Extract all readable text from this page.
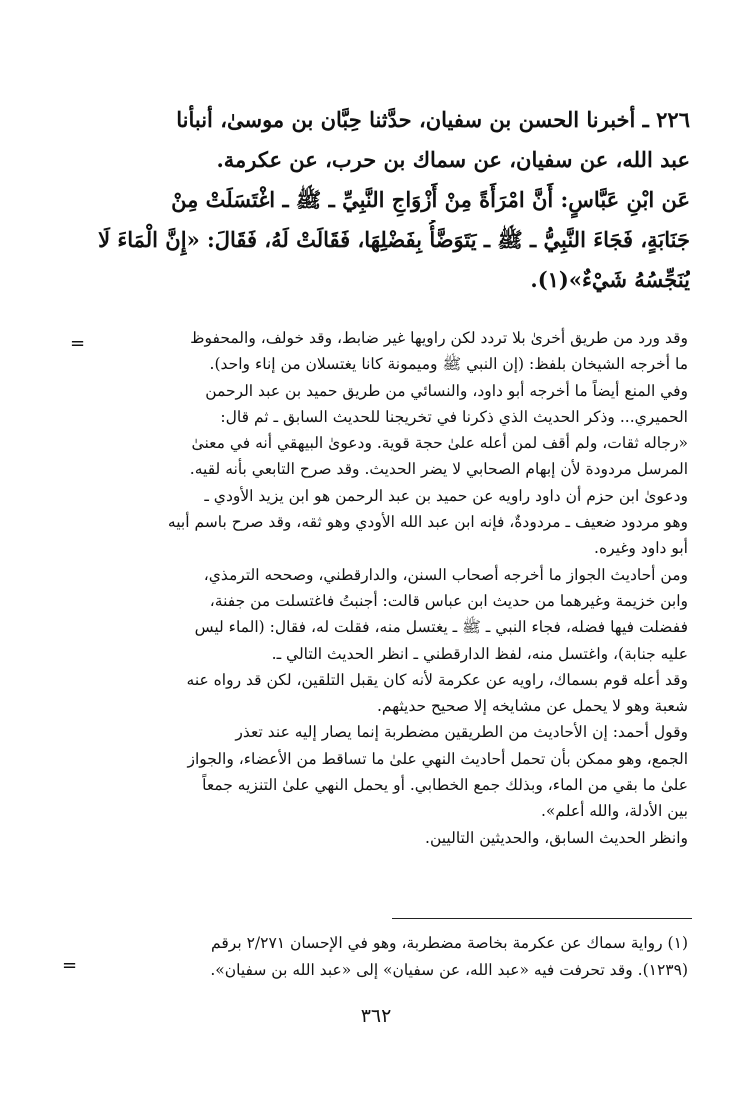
٢٢٦ ـ أخبرنا الحسن بن سفيان، حدَّثنا حِبَّان بن موسىٰ، أنبأنا
عبد الله، عن سفيان، عن سماك بن حرب، عن عكرمة.
عَن ابْنِ عَبَّاسٍ: أَنَّ امْرَأَةً مِنْ أَزْوَاجِ النَّبِيِّ ـ ﷺ ـ اغْتَسَلَتْ مِنْ
جَنَابَةٍ، فَجَاءَ النَّبِيُّ ـ ﷺ ـ يَتَوَضَّأُ بِفَضْلِهَا، فَقَالَتْ لَهُ، فَقَالَ: «إِنَّ الْمَاءَ لَا
يُنَجِّسُهُ شَيْءٌ»(١).
=	وقد ورد من طريق أخرىٰ بلا تردد لكن راويها غير ضابط، وقد خولف، والمحفوظ
ما أخرجه الشيخان بلفظ: (إن النبي ﷺ وميمونة كانا يغتسلان من إناء واحد).
وفي المنع أيضاً ما أخرجه أبو داود، والنسائي من طريق حميد بن عبد الرحمن
الحميري... وذكر الحديث الذي ذكرنا في تخريجنا للحديث السابق ـ ثم قال:
«رجاله ثقات، ولم أقف لمن أعله علىٰ حجة قوية. ودعوىٰ البيهقي أنه في معنىٰ
المرسل مردودة لأن إبهام الصحابي لا يضر الحديث. وقد صرح التابعي بأنه لقيه.
ودعوىٰ ابن حزم أن داود راويه عن حميد بن عبد الرحمن هو ابن يزيد الأودي ـ
وهو مردود ضعيف ـ مردودةٌ، فإنه ابن عبد الله الأودي وهو ثقه، وقد صرح باسم أبيه
أبو داود وغيره.
ومن أحاديث الجواز ما أخرجه أصحاب السنن، والدارقطني، وصححه الترمذي،
وابن خزيمة وغيرهما من حديث ابن عباس قالت: أجنبتُ فاغتسلت من جفنة،
ففضلت فيها فضله، فجاء النبي ـ ﷺ ـ يغتسل منه، فقلت له، فقال: (الماء ليس
عليه جنابة)، واغتسل منه، لفظ الدارقطني ـ انظر الحديث التالي ـ.
وقد أعله قوم بسماك، راويه عن عكرمة لأنه كان يقبل التلقين، لكن قد رواه عنه
شعبة وهو لا يحمل عن مشايخه إلا صحيح حديثهم.
وقول أحمد: إن الأحاديث من الطريقين مضطربة إنما يصار إليه عند تعذر
الجمع، وهو ممكن بأن تحمل أحاديث النهي علىٰ ما تساقط من الأعضاء، والجواز
علىٰ ما بقي من الماء، وبذلك جمع الخطابي. أو يحمل النهي علىٰ التنزيه جمعاً
بين الأدلة، والله أعلم».
وانظر الحديث السابق، والحديثين التاليين.
(١) رواية سماك عن عكرمة بخاصة مضطربة، وهو في الإحسان ٢/٢٧١ برقم
(١٢٣٩). وقد تحرفت فيه «عبد الله، عن سفيان» إلى «عبد الله بن سفيان».
=
٣٦٢
